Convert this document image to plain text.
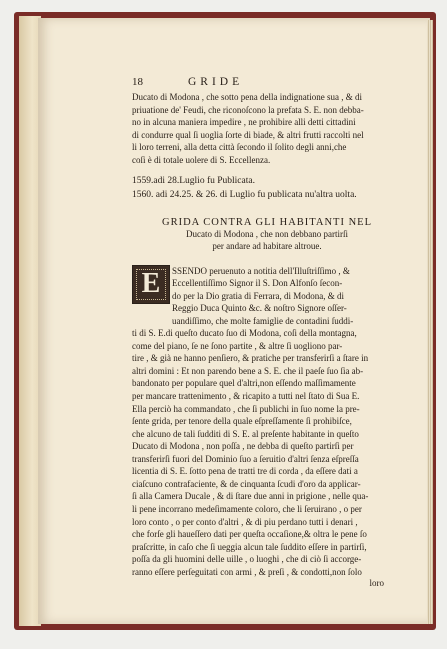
18	GRIDE
Ducato di Modona , che sotto pena della indignatione sua , & di
priuatione de' Feudi, che riconoſcono la prefata S. E. non debba-
no in alcuna maniera impedire , ne prohibire alli detti cittadini
di condurre qual ſi uoglia ſorte di biade, & altri frutti raccolti nel
li loro terreni, alla detta città ſecondo il ſolito degli anni,che
coſi è di totale uolere di S. Eccellenza.
1559.adi 28.Luglio fu Publicata.
1560. adi 24.25. & 26. di Luglio fu publicata nu'altra uolta.
GRIDA CONTRA GLI HABITANTI NEL
Ducato di Modona , che non debbano partirſi
per andare ad habitare altroue.
E	SSENDO peruenuto a notitia dell'Illuſtriſſimo , &
Eccellentiſſimo Signor il S. Don Alfonſo ſecon-
do per la Dio gratia di Ferrara, di Modona, & di
Reggio Duca Quinto &c. & noſtro Signore oſſer-
uandiſſimo, che molte famiglie de contadini ſuddi-
ti di S. E.di queſto ducato ſuo di Modona, coſi della montagna,
come del piano, ſe ne ſono partite , & altre ſi uogliono par-
tire , & già ne hanno penſiero, & pratiche per transferirſi a ſtare in
altri domini : Et non parendo bene a S. E. che il paeſe ſuo ſia ab-
bandonato per populare quel d'altri,non eſſendo maſſimamente
per mancare trattenimento , & ricapito a tutti nel ſtato di Sua E.
Ella perciò ha commandato , che ſi publichi in ſuo nome la pre-
ſente grida, per tenore della quale eſpreſſamente ſi prohibiſce,
che alcuno de tali ſudditi di S. E. al preſente habitante in queſto
Ducato di Modona , non poſſa , ne debba di queſto partirſi per
transferirſi fuori del Dominio ſuo a ſeruitio d'altri ſenza eſpreſſa
licentia di S. E. ſotto pena de tratti tre di corda , da eſſere dati a
ciaſcuno contrafaciente, & de cinquanta ſcudi d'oro da applicar-
ſi alla Camera Ducale , & di ſtare due anni in prigione , nelle qua-
li pene incorrano medeſimamente coloro, che li ſeruirano , o per
loro conto , o per conto d'altri , & di piu perdano tutti i denari ,
che forſe gli haueſſero dati per queſta occaſione,& oltra le pene ſo
praſcritte, in caſo che ſi ueggia alcun tale ſuddito eſſere in partirſi,
poſſa da gli huomini delle uille , o luoghi , che di ciò ſi accorge-
ranno eſſere perſeguitati con armi , & preſi , & condotti,non ſolo
loro
